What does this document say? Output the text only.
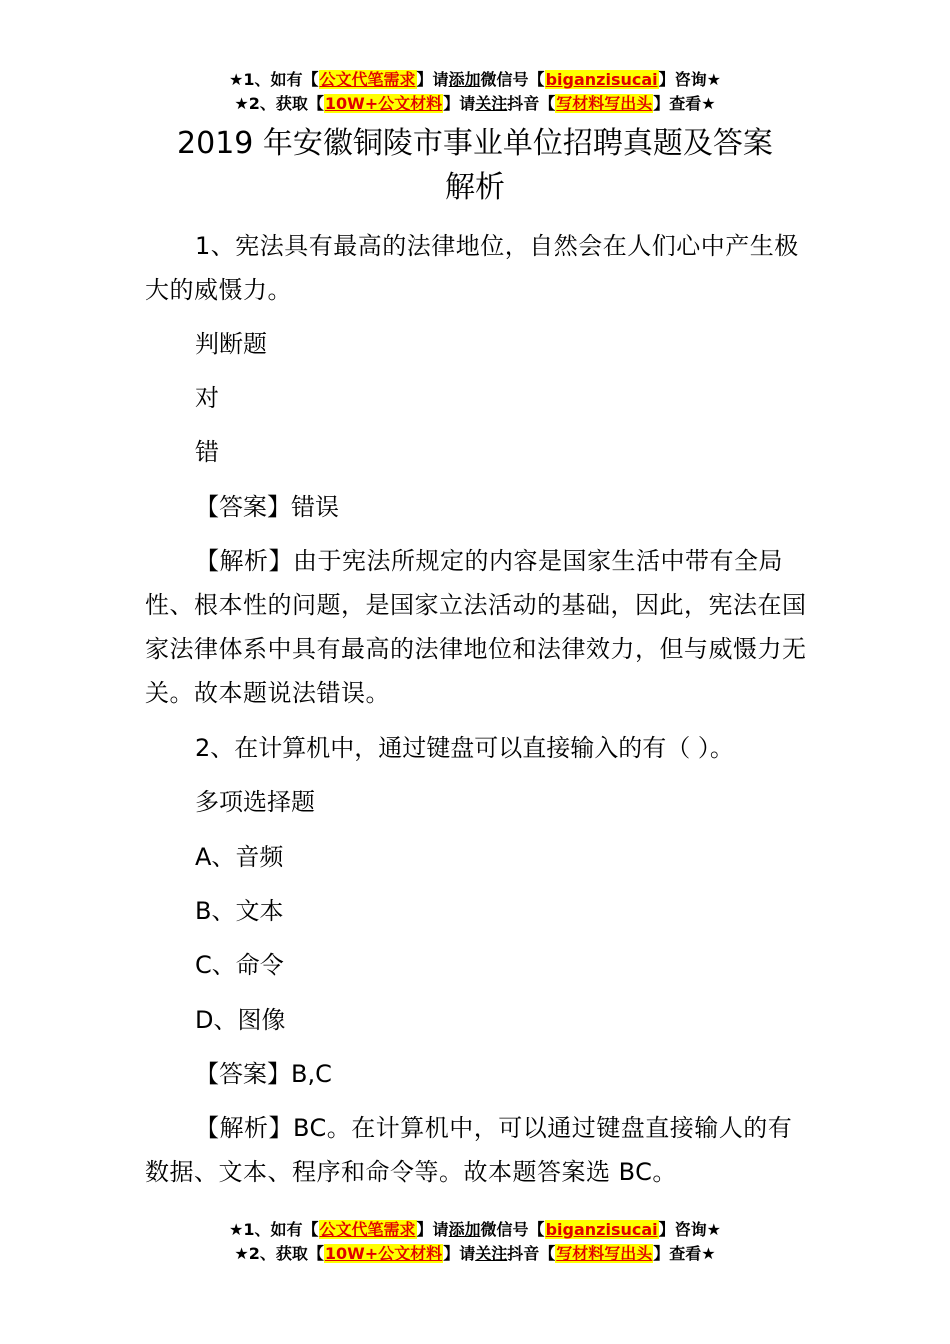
★1、如有【公文代笔需求】请添加微信号【biganzisucai】咨询★
★2、获取【10W+公文材料】请关注抖音【写材料写出头】查看★
2019 年安徽铜陵市事业单位招聘真题及答案
解析
1、宪法具有最高的法律地位，自然会在人们心中产生极大的威慑力。
判断题
对
错
【答案】错误
【解析】由于宪法所规定的内容是国家生活中带有全局性、根本性的问题，是国家立法活动的基础，因此，宪法在国家法律体系中具有最高的法律地位和法律效力，但与威慑力无关。故本题说法错误。
2、在计算机中，通过键盘可以直接输入的有（ ）。
多项选择题
A、音频
B、文本
C、命令
D、图像
【答案】B,C
【解析】BC。在计算机中，可以通过键盘直接输人的有数据、文本、程序和命令等。故本题答案选 BC。
★1、如有【公文代笔需求】请添加微信号【biganzisucai】咨询★
★2、获取【10W+公文材料】请关注抖音【写材料写出头】查看★
